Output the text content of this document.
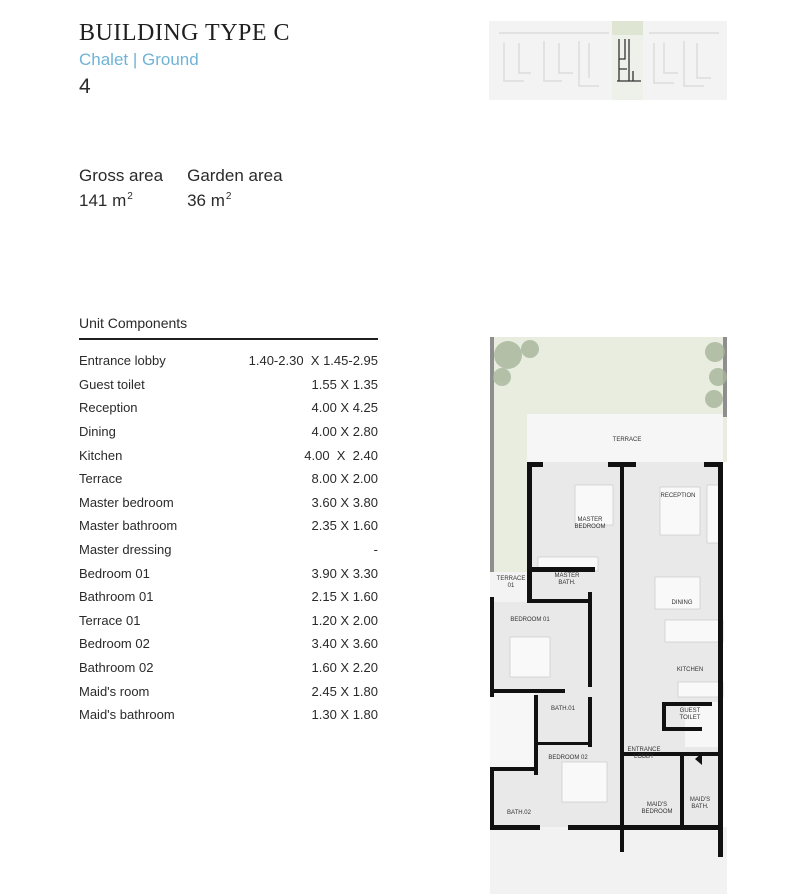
BUILDING TYPE C
Chalet | Ground
4
Gross area
141 $m^2$
Garden area
36 $m^2$
Unit Components
Entrance lobby	1.40-2.30  X 1.45-2.95
Guest toilet	1.55 X 1.35
Reception	4.00 X 4.25
Dining	4.00 X 2.80
Kitchen	4.00  X  2.40
Terrace	8.00 X 2.00
Master bedroom	3.60 X 3.80
Master bathroom	2.35 X 1.60
Master dressing	-
Bedroom 01	3.90 X 3.30
Bathroom 01	2.15 X 1.60
Terrace 01	1.20 X 2.00
Bedroom 02	3.40 X 3.60
Bathroom 02	1.60 X 2.20
Maid's room	2.45 X 1.80
Maid's bathroom	1.30 X 1.80
TERRACE
RECEPTION
MASTER
BEDROOM
MASTER
BATH.
TERRACE
01
DINING
BEDROOM 01
KITCHEN
BATH.01	GUEST
TOILET
BEDROOM 02
ENTRANCE
LOBBY
BATH.02
MAID'S
BEDROOM
MAID'S
BATH.
